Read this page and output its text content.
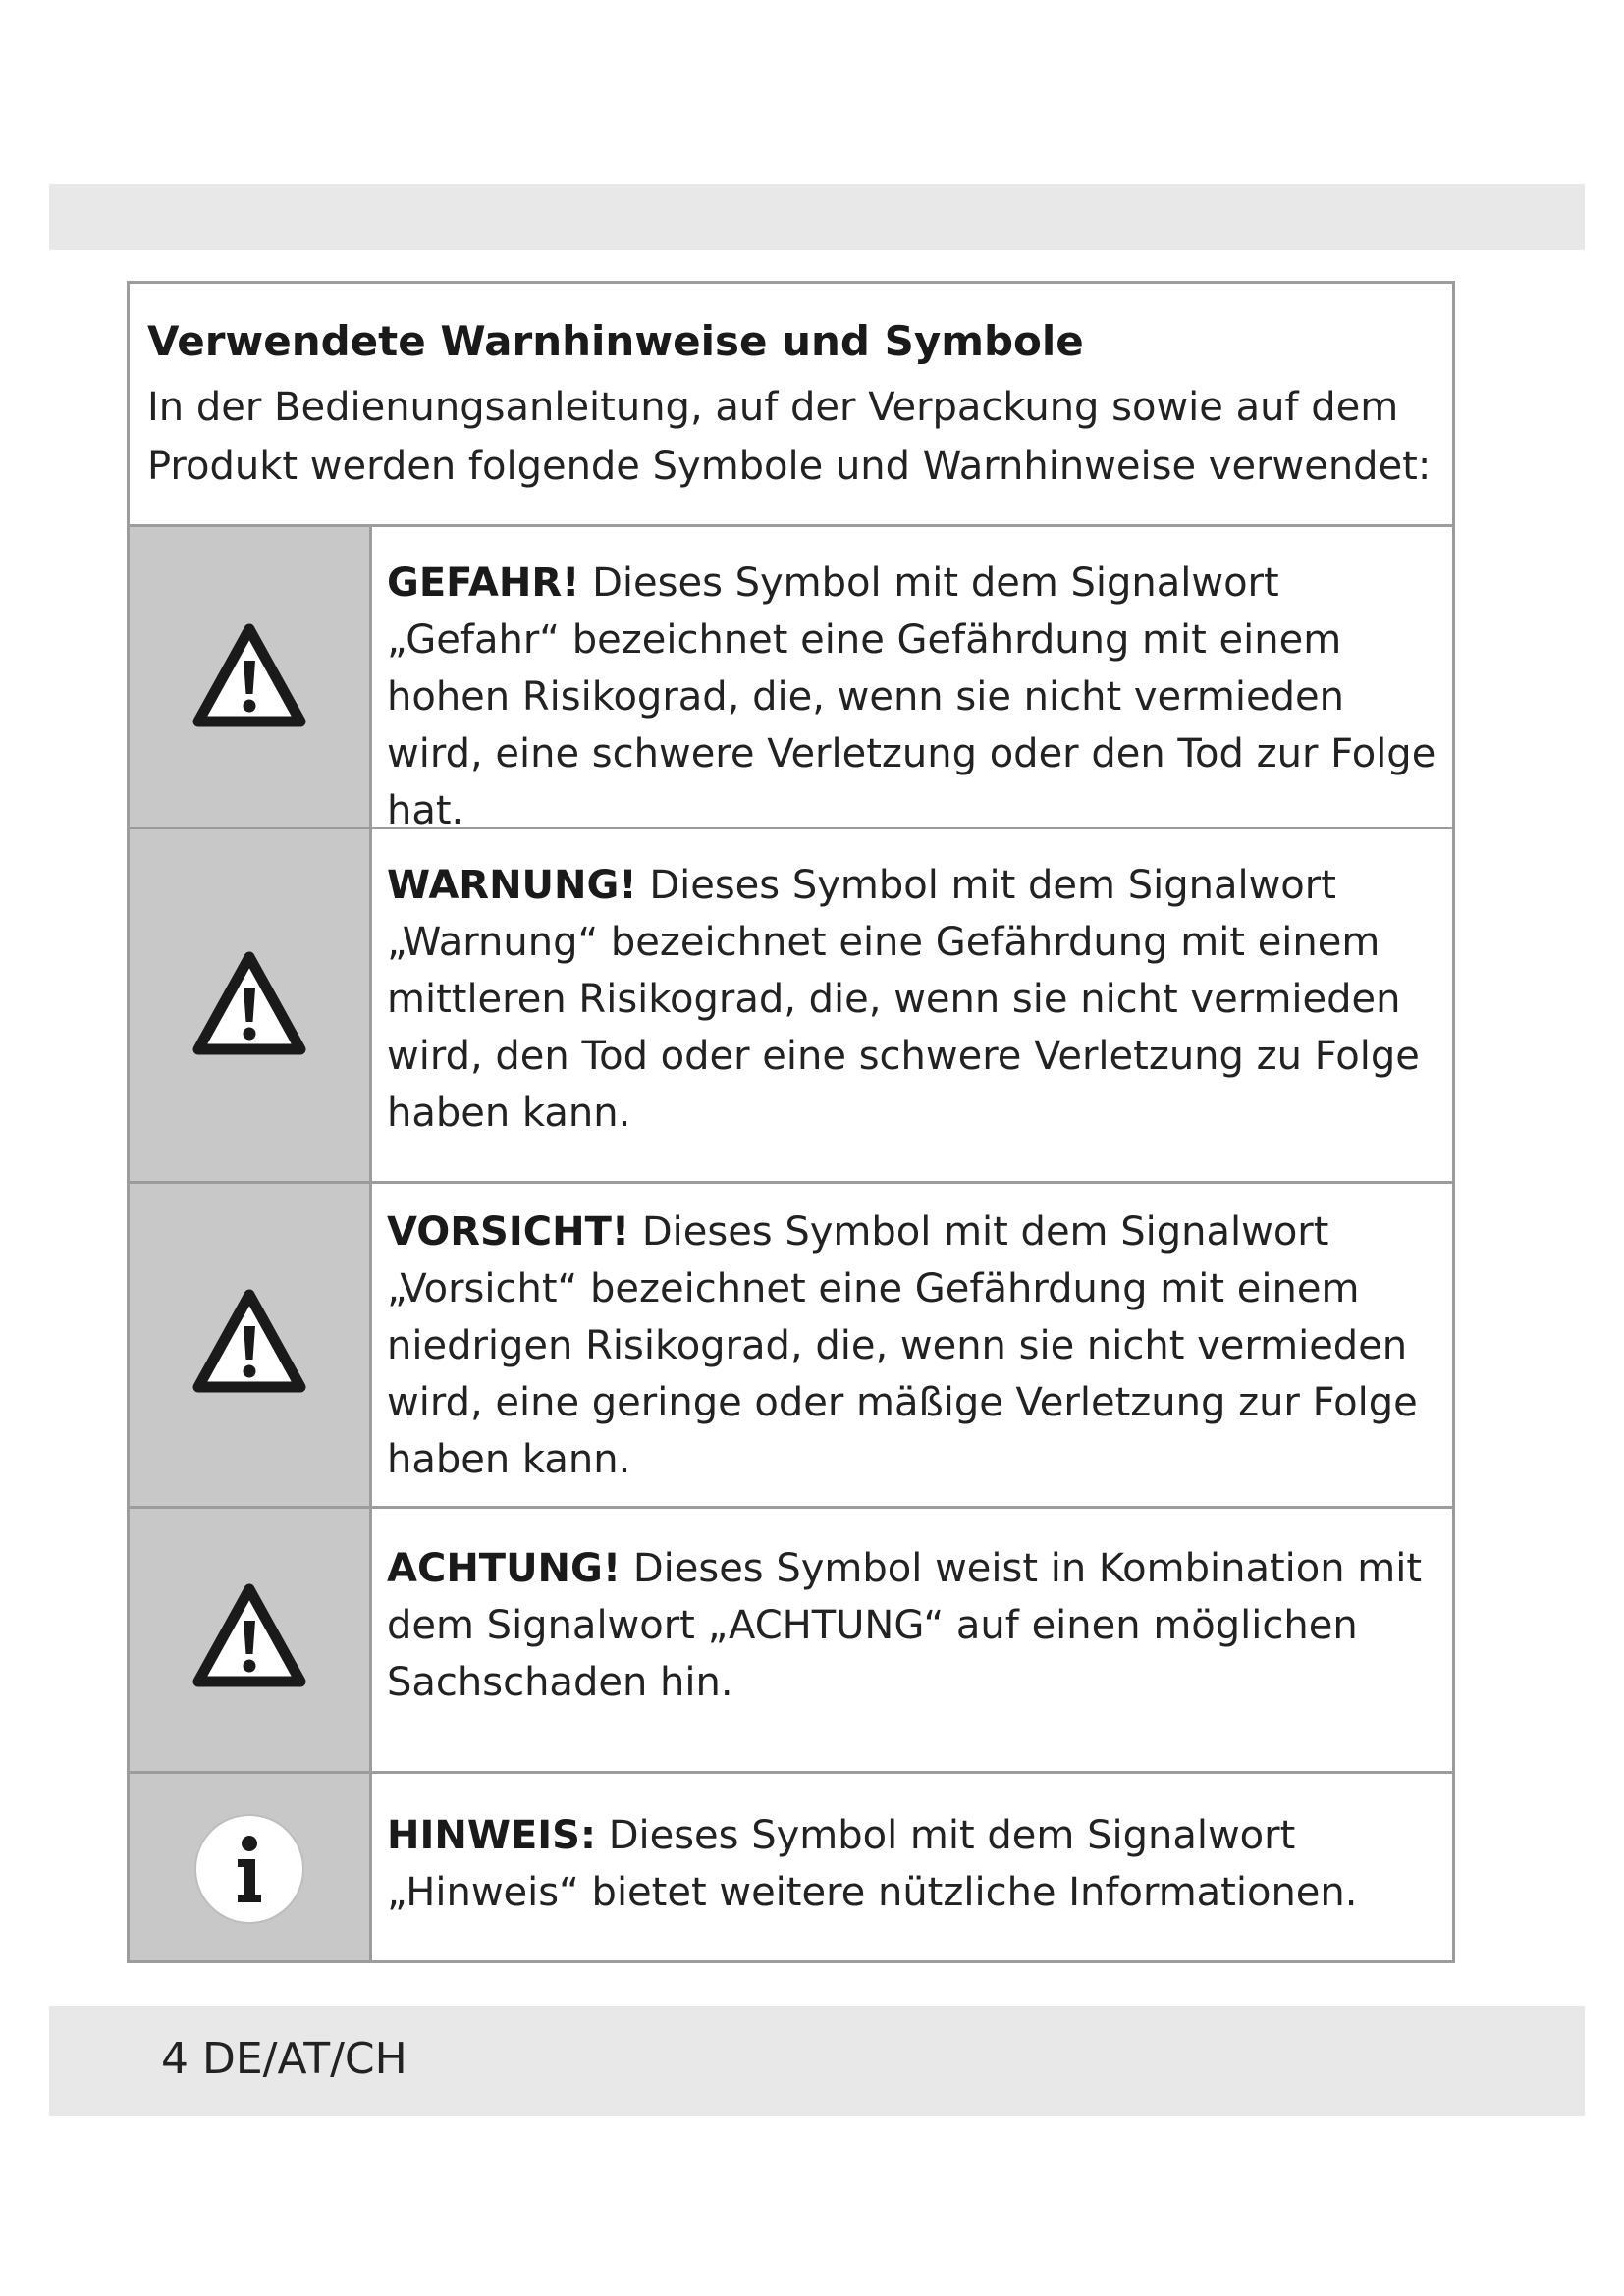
Verwendete Warnhinweise und Symbole
In der Bedienungsanleitung, auf der Verpackung sowie auf dem Produkt werden folgende Symbole und Warnhinweise verwendet:
GEFAHR! Dieses Symbol mit dem Signalwort „Gefahr“ bezeichnet eine Gefährdung mit einem hohen Risikograd, die, wenn sie nicht vermieden wird, eine schwere Verletzung oder den Tod zur Folge hat.
WARNUNG! Dieses Symbol mit dem Signalwort „Warnung“ bezeichnet eine Gefährdung mit einem mittleren Risikograd, die, wenn sie nicht vermieden wird, den Tod oder eine schwere Verletzung zu Folge haben kann.
VORSICHT! Dieses Symbol mit dem Signalwort „Vorsicht“ bezeichnet eine Gefährdung mit einem niedrigen Risikograd, die, wenn sie nicht vermieden wird, eine geringe oder mäßige Verletzung zur Folge haben kann.
ACHTUNG! Dieses Symbol weist in Kombination mit dem Signalwort „ACHTUNG“ auf einen möglichen Sachschaden hin.
HINWEIS: Dieses Symbol mit dem Signalwort „Hinweis“ bietet weitere nützliche Informationen.
4 DE/AT/CH
